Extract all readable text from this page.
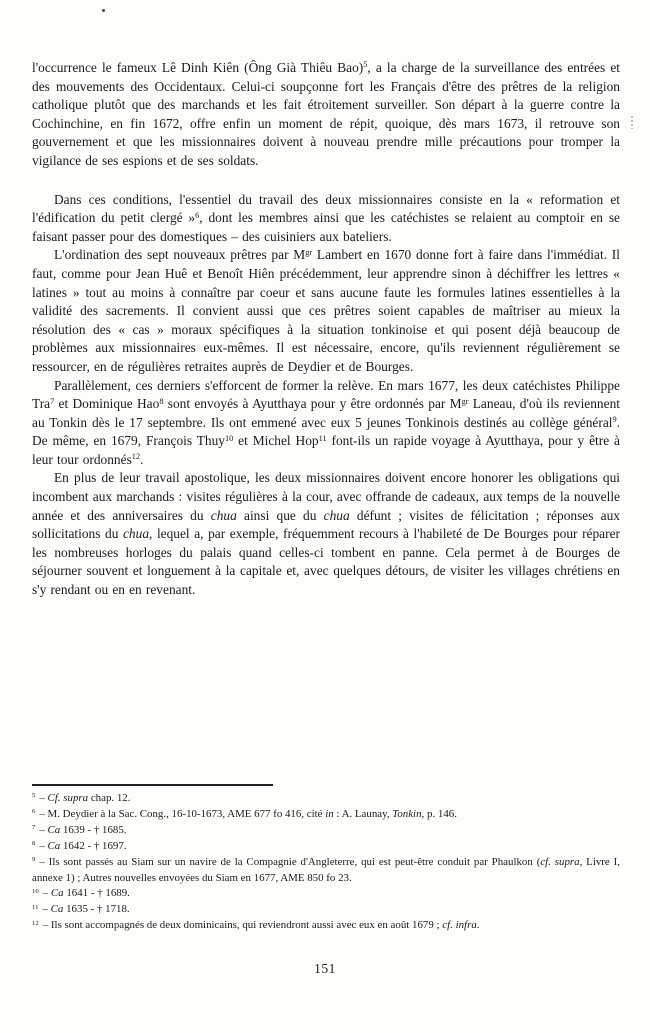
l'occurrence le fameux Lê Dinh Kiên (Ông Già Thiêu Bao)$^5$, a la charge de la surveillance des entrées et des mouvements des Occidentaux. Celui-ci soupçonne fort les Français d'être des prêtres de la religion catholique plutôt que des marchands et les fait étroitement surveiller. Son départ à la guerre contre la Cochinchine, en fin 1672, offre enfin un moment de répit, quoique, dès mars 1673, il retrouve son gouvernement et que les missionnaires doivent à nouveau prendre mille précautions pour tromper la vigilance de ses espions et de ses soldats.

Dans ces conditions, l'essentiel du travail des deux missionnaires consiste en la « reformation et l'édification du petit clergé »$^6$, dont les membres ainsi que les catéchistes se relaient au comptoir en se faisant passer pour des domestiques – des cuisiniers aux bateliers.

L'ordination des sept nouveaux prêtres par $M^{gr}$ Lambert en 1670 donne fort à faire dans l'immédiat. Il faut, comme pour Jean Huê et Benoît Hiên précédemment, leur apprendre sinon à déchiffrer les lettres « latines » tout au moins à connaître par coeur et sans aucune faute les formules latines essentielles à la validité des sacrements. Il convient aussi que ces prêtres soient capables de maîtriser au mieux la résolution des « cas » moraux spécifiques à la situation tonkinoise et qui posent déjà beaucoup de problèmes aux missionnaires eux-mêmes. Il est nécessaire, encore, qu'ils reviennent régulièrement se ressourcer, en de régulières retraites auprès de Deydier et de Bourges.

Parallèlement, ces derniers s'efforcent de former la relève. En mars 1677, les deux catéchistes Philippe Tra$^7$ et Dominique Hao$^8$ sont envoyés à Ayutthaya pour y être ordonnés par $M^{gr}$ Laneau, d'où ils reviennent au Tonkin dès le 17 septembre. Ils ont emmené avec eux 5 jeunes Tonkinois destinés au collège général$^9$. De même, en 1679, François Thuy$^{10}$ et Michel Hop$^{11}$ font-ils un rapide voyage à Ayutthaya, pour y être à leur tour ordonnés$^{12}$.

En plus de leur travail apostolique, les deux missionnaires doivent encore honorer les obligations qui incombent aux marchands : visites régulières à la cour, avec offrande de cadeaux, aux temps de la nouvelle année et des anniversaires du chua ainsi que du chua défunt ; visites de félicitation ; réponses aux sollicitations du chua, lequel a, par exemple, fréquemment recours à l'habileté de De Bourges pour réparer les nombreuses horloges du palais quand celles-ci tombent en panne. Cela permet à de Bourges de séjourner souvent et longuement à la capitale et, avec quelques détours, de visiter les villages chrétiens en s'y rendant ou en en revenant.

$^5$ – Cf. supra chap. 12.
$^6$ – M. Deydier à la Sac. Cong., 16-10-1673, AME 677 fo 416, cité in : A. Launay, Tonkin, p. 146.
$^7$ – Ca 1639 - † 1685.
$^8$ – Ca 1642 - † 1697.
$^9$ – Ils sont passés au Siam sur un navire de la Compagnie d'Angleterre, qui est peut-être conduit par Phaulkon (cf. supra, Livre I, annexe 1) ; Autres nouvelles envoyées du Siam en 1677, AME 850 fo 23.
$^{10}$ – Ca 1641 - † 1689.
$^{11}$ – Ca 1635 - † 1718.
$^{12}$ – Ils sont accompagnés de deux dominicains, qui reviendront aussi avec eux en août 1679 ; cf. infra.
151
